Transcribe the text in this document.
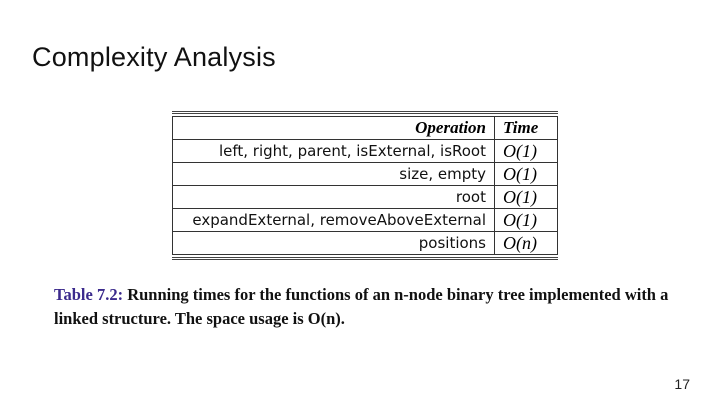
Complexity Analysis
Operation	Time
left, right, parent, isExternal, isRoot	O(1)
size, empty	O(1)
root	O(1)
expandExternal, removeAboveExternal	O(1)
positions	O(n)
Table 7.2: Running times for the functions of an n-node binary tree implemented with a linked structure. The space usage is O(n).
17
